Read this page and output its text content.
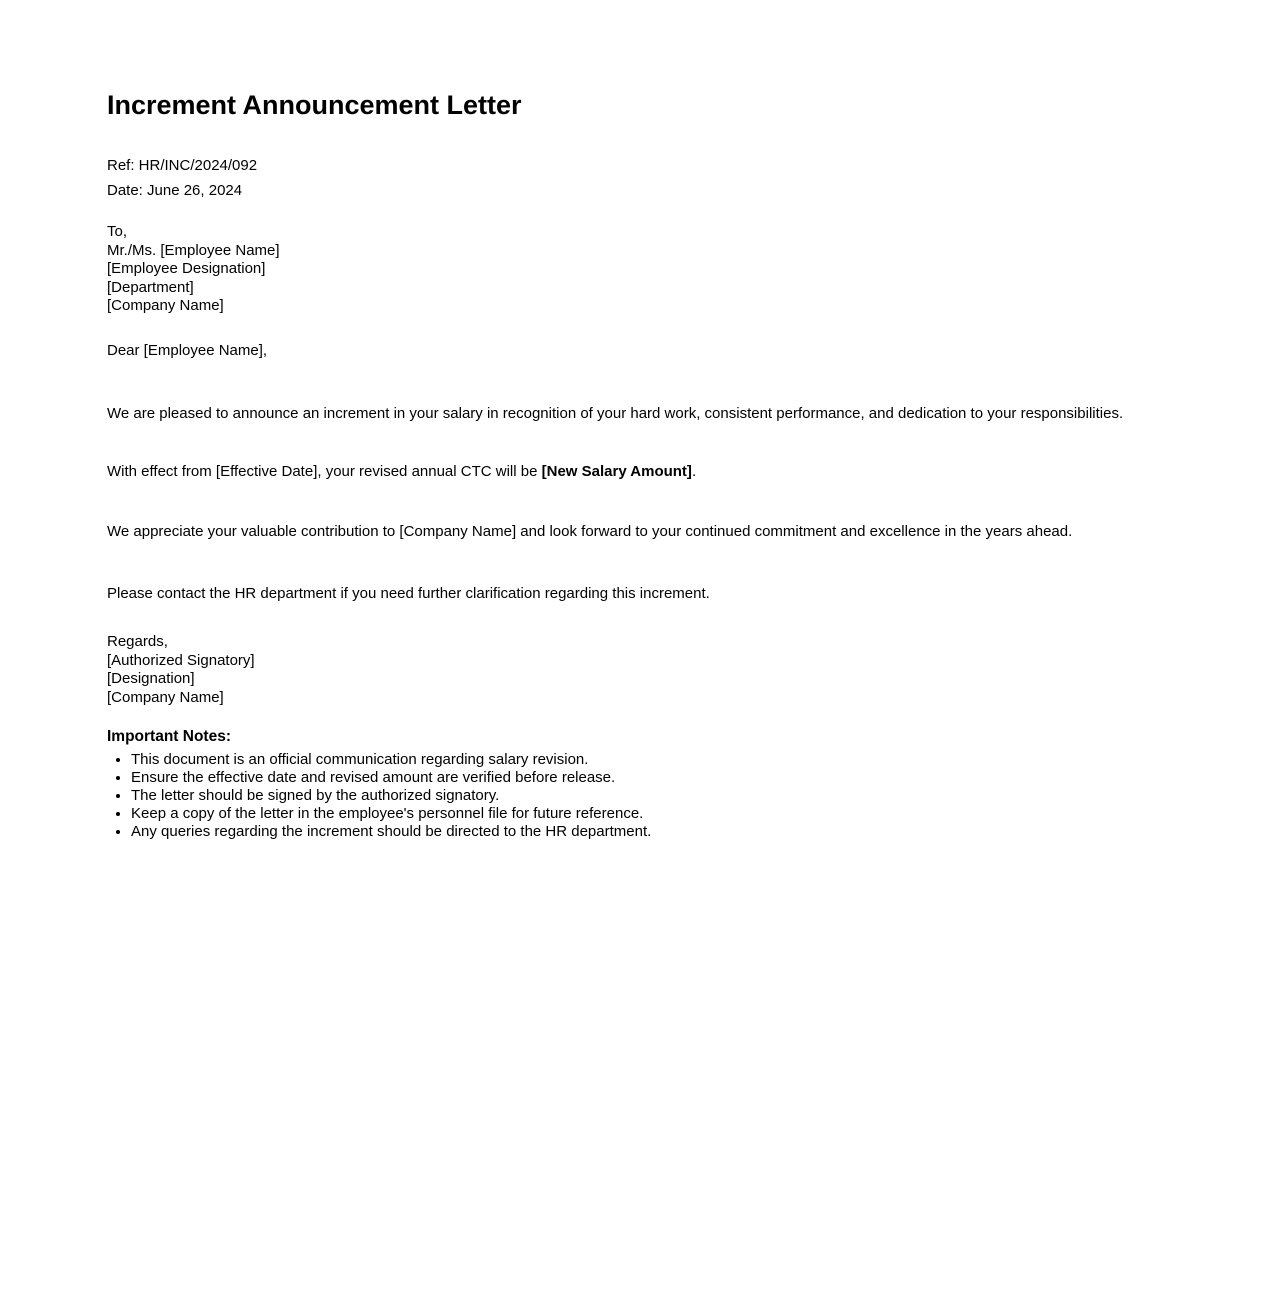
Increment Announcement Letter
Ref: HR/INC/2024/092
Date: June 26, 2024
To,
Mr./Ms. [Employee Name]
[Employee Designation]
[Department]
[Company Name]
Dear [Employee Name],

We are pleased to announce an increment in your salary in recognition of your hard work, consistent performance, and dedication to your responsibilities.

With effect from [Effective Date], your revised annual CTC will be [New Salary Amount].

We appreciate your valuable contribution to [Company Name] and look forward to your continued commitment and excellence in the years ahead.

Please contact the HR department if you need further clarification regarding this increment.

Regards,
[Authorized Signatory]
[Designation]
[Company Name]
Important Notes:
• This document is an official communication regarding salary revision.
• Ensure the effective date and revised amount are verified before release.
• The letter should be signed by the authorized signatory.
• Keep a copy of the letter in the employee's personnel file for future reference.
• Any queries regarding the increment should be directed to the HR department.
